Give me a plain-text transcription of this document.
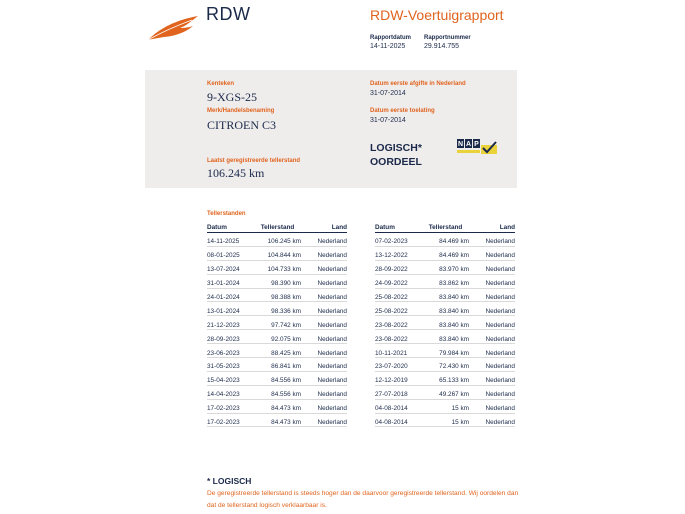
RDW	RDW-Voertuigrapport
Rapportdatum
14-11-2025
Rapportnummer
29.914.755
Kenteken
9-XGS-25
Merk/Handelsbenaming
CITROEN C3
Laatst geregistreerde tellerstand
106.245 km
Datum eerste afgifte in Nederland
31-07-2014
Datum eerste toelating
31-07-2014
LOGISCH*
OORDEEL
N A P
Tellerstanden
Datum	Tellerstand	Land
14-11-2025	106.245 km	Nederland
08-01-2025	104.844 km	Nederland
13-07-2024	104.733 km	Nederland
31-01-2024	98.390 km	Nederland
24-01-2024	98.388 km	Nederland
13-01-2024	98.336 km	Nederland
21-12-2023	97.742 km	Nederland
28-09-2023	92.075 km	Nederland
23-06-2023	88.425 km	Nederland
31-05-2023	86.841 km	Nederland
15-04-2023	84.556 km	Nederland
14-04-2023	84.556 km	Nederland
17-02-2023	84.473 km	Nederland
17-02-2023	84.473 km	Nederland
Datum	Tellerstand	Land
07-02-2023	84.469 km	Nederland
13-12-2022	84.469 km	Nederland
28-09-2022	83.970 km	Nederland
24-09-2022	83.862 km	Nederland
25-08-2022	83.840 km	Nederland
25-08-2022	83.840 km	Nederland
23-08-2022	83.840 km	Nederland
23-08-2022	83.840 km	Nederland
10-11-2021	79.984 km	Nederland
23-07-2020	72.430 km	Nederland
12-12-2019	65.133 km	Nederland
27-07-2018	49.267 km	Nederland
04-08-2014	15 km	Nederland
04-08-2014	15 km	Nederland
* LOGISCH
De geregistreerde tellerstand is steeds hoger dan de daarvoor geregistreerde tellerstand. Wij oordelen dan dat de tellerstand logisch verklaarbaar is.
